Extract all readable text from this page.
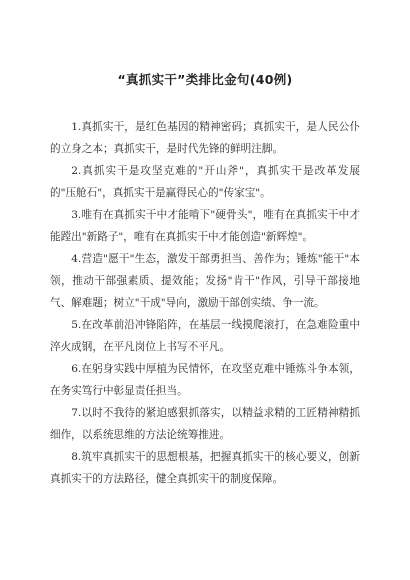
“真抓实干”类排比金句(40例)

1.真抓实干，是红色基因的精神密码；真抓实干，是人民公仆的立身之本；真抓实干，是时代先锋的鲜明注脚。

2.真抓实干是攻坚克难的"开山斧"，真抓实干是改革发展的"压舱石"，真抓实干是赢得民心的"传家宝"。

3.唯有在真抓实干中才能啃下"硬骨头"，唯有在真抓实干中才能蹚出"新路子"，唯有在真抓实干中才能创造"新辉煌"。

4.营造"愿干"生态，激发干部勇担当、善作为；锤炼"能干"本领，推动干部强素质、提效能；发扬"肯干"作风，引导干部接地气、解难题；树立"干成"导向，激励干部创实绩、争一流。

5.在改革前沿冲锋陷阵，在基层一线摸爬滚打，在急难险重中淬火成钢，在平凡岗位上书写不平凡。

6.在躬身实践中厚植为民情怀，在攻坚克难中锤炼斗争本领，在务实笃行中彰显责任担当。

7.以时不我待的紧迫感狠抓落实，以精益求精的工匠精神精抓细作，以系统思维的方法论统筹推进。

8.筑牢真抓实干的思想根基，把握真抓实干的核心要义，创新真抓实干的方法路径，健全真抓实干的制度保障。
